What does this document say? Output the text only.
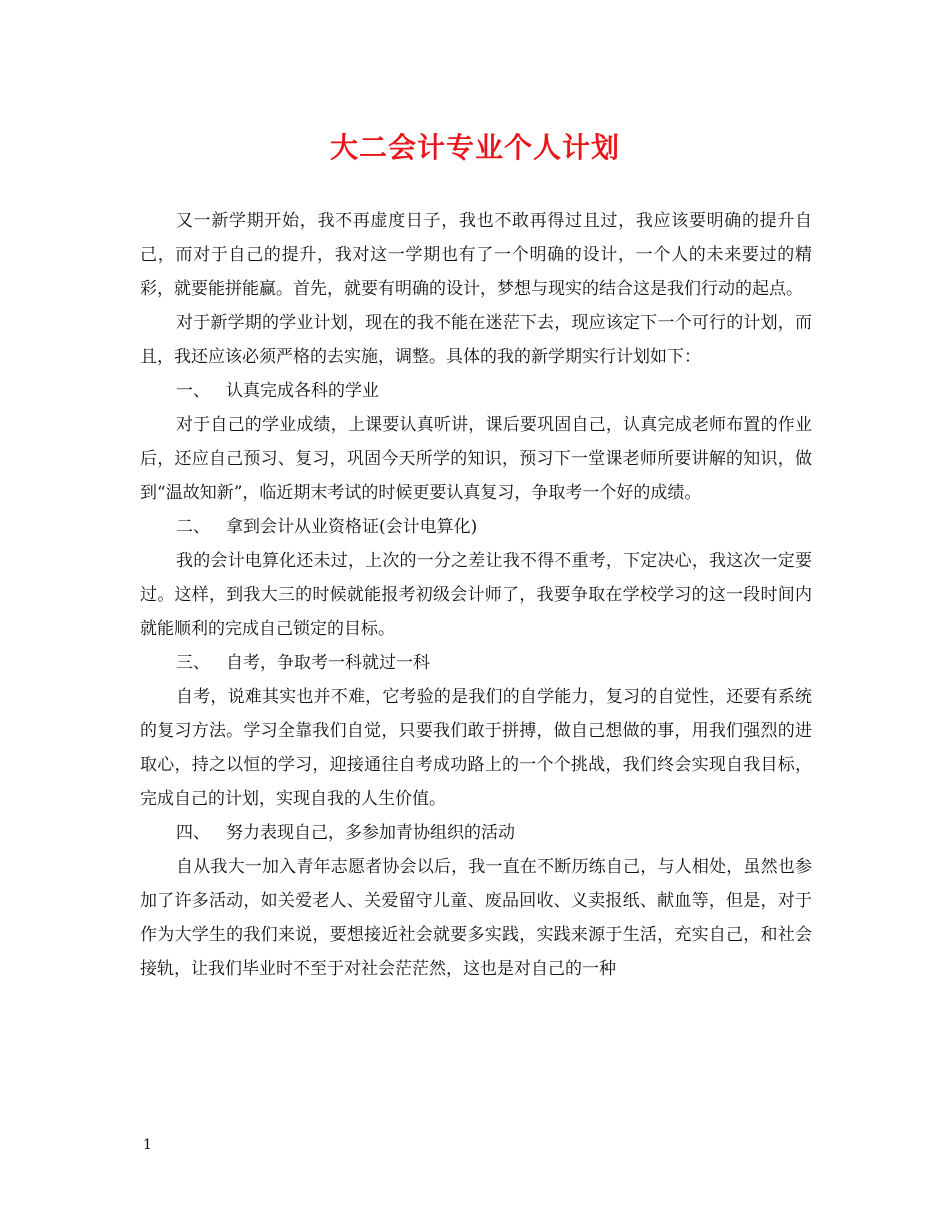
大二会计专业个人计划

又一新学期开始，我不再虚度日子，我也不敢再得过且过，我应该要明确的提升自己，而对于自己的提升，我对这一学期也有了一个明确的设计，一个人的未来要过的精彩，就要能拼能赢。首先，就要有明确的设计，梦想与现实的结合这是我们行动的起点。

对于新学期的学业计划，现在的我不能在迷茫下去，现应该定下一个可行的计划，而且，我还应该必须严格的去实施，调整。具体的我的新学期实行计划如下：

一、 认真完成各科的学业

对于自己的学业成绩，上课要认真听讲，课后要巩固自己，认真完成老师布置的作业后，还应自己预习、复习，巩固今天所学的知识，预习下一堂课老师所要讲解的知识，做到“温故知新”，临近期末考试的时候更要认真复习，争取考一个好的成绩。

二、 拿到会计从业资格证(会计电算化)

我的会计电算化还未过，上次的一分之差让我不得不重考，下定决心，我这次一定要过。这样，到我大三的时候就能报考初级会计师了，我要争取在学校学习的这一段时间内就能顺利的完成自己锁定的目标。

三、 自考，争取考一科就过一科

自考，说难其实也并不难，它考验的是我们的自学能力，复习的自觉性，还要有系统的复习方法。学习全靠我们自觉，只要我们敢于拼搏，做自己想做的事，用我们强烈的进取心，持之以恒的学习，迎接通往自考成功路上的一个个挑战，我们终会实现自我目标，完成自己的计划，实现自我的人生价值。

四、 努力表现自己，多参加青协组织的活动

自从我大一加入青年志愿者协会以后，我一直在不断历练自己，与人相处，虽然也参加了许多活动，如关爱老人、关爱留守儿童、废品回收、义卖报纸、献血等，但是，对于作为大学生的我们来说，要想接近社会就要多实践，实践来源于生活，充实自己，和社会接轨，让我们毕业时不至于对社会茫茫然，这也是对自己的一种

1
